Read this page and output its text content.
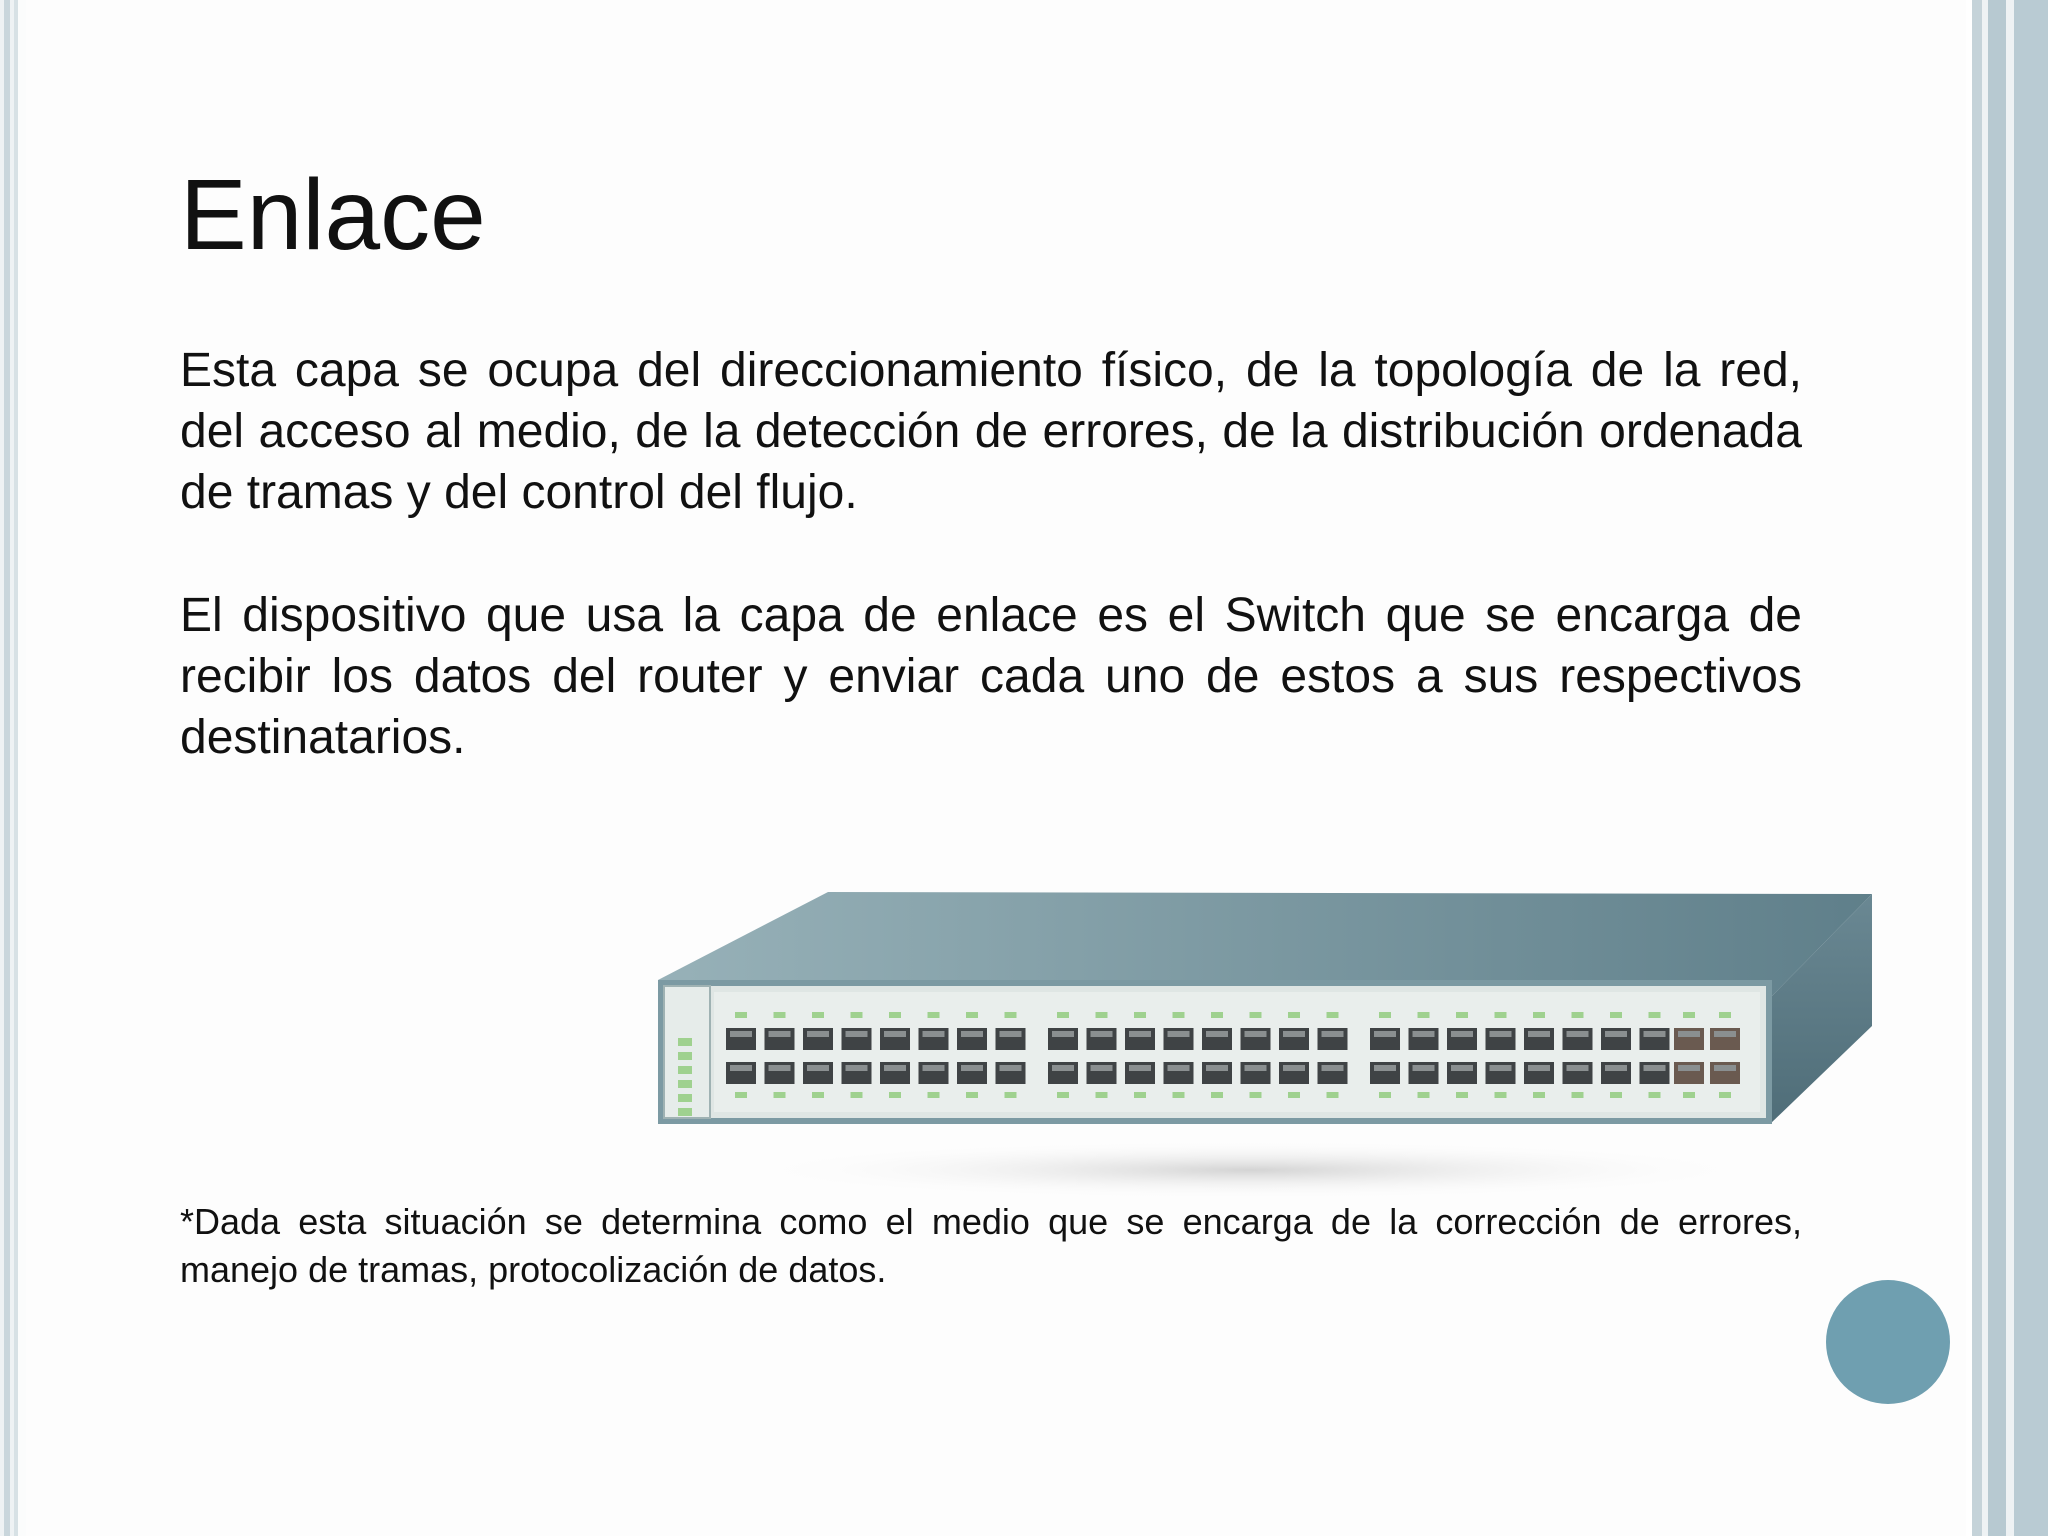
Enlace

Esta capa se ocupa del direccionamiento físico, de la topología de la red, del acceso al medio, de la detección de errores, de la distribución ordenada de tramas y del control del flujo.

El dispositivo que usa la capa de enlace es el Switch que se encarga de recibir los datos del router y enviar cada uno de estos a sus respectivos destinatarios.

*Dada esta situación se determina como el medio que se encarga de la corrección de errores, manejo de tramas, protocolización de datos.
